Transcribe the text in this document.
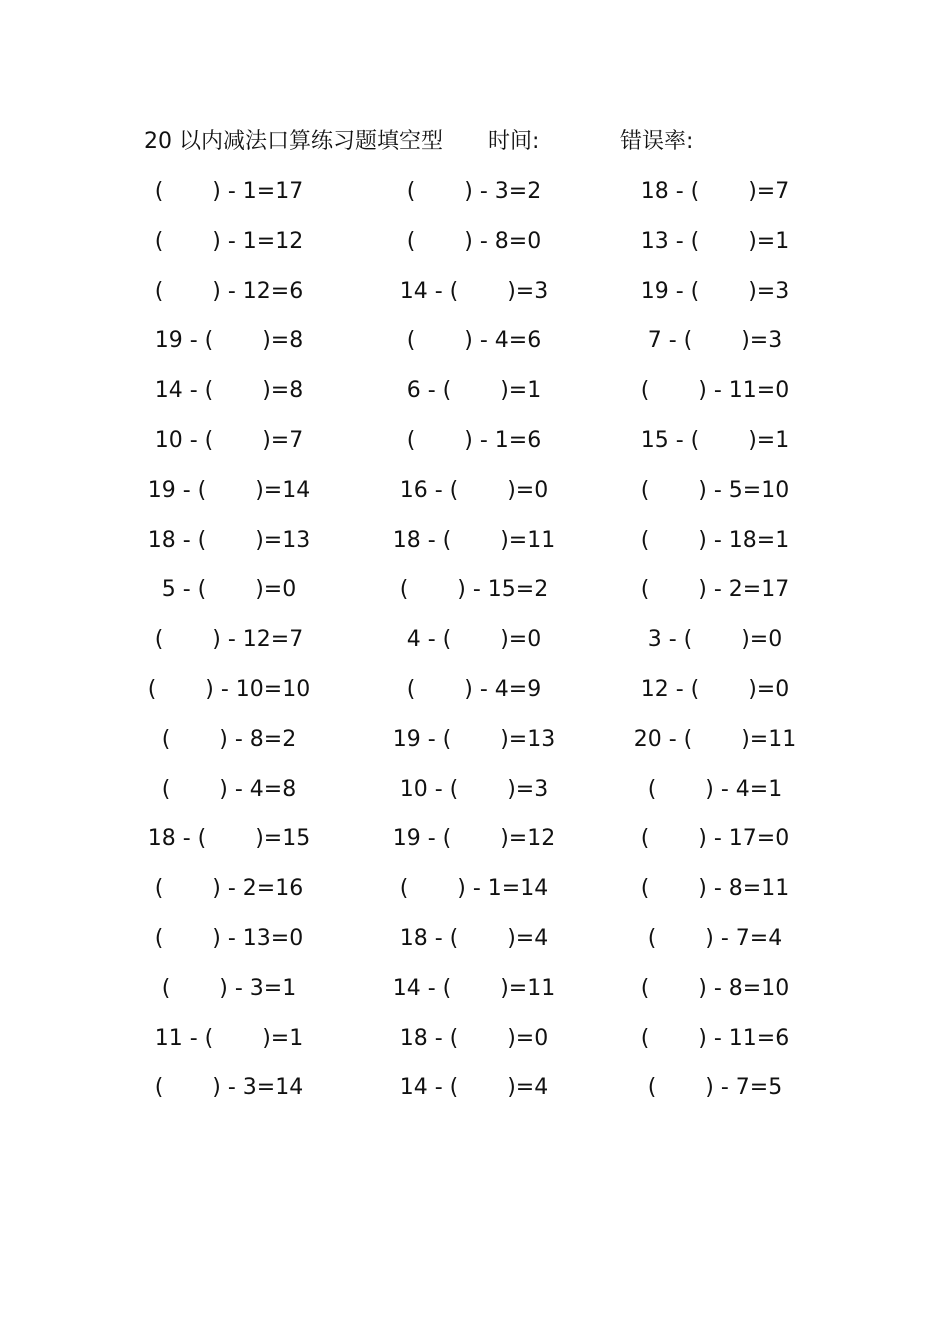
20 以内减法口算练习题填空型 时间:	错误率:
(       ) - 1=17	(       ) - 3=2	18 - (       )=7
(       ) - 1=12	(       ) - 8=0	13 - (       )=1
(       ) - 12=6	14 - (       )=3	19 - (       )=3
19 - (       )=8	(       ) - 4=6	7 - (       )=3
14 - (       )=8	6 - (       )=1	(       ) - 11=0
10 - (       )=7	(       ) - 1=6	15 - (       )=1
19 - (       )=14	16 - (       )=0	(       ) - 5=10
18 - (       )=13	18 - (       )=11	(       ) - 18=1
5 - (       )=0	(       ) - 15=2	(       ) - 2=17
(       ) - 12=7	4 - (       )=0	3 - (       )=0
(       ) - 10=10	(       ) - 4=9	12 - (       )=0
(       ) - 8=2	19 - (       )=13	20 - (       )=11
(       ) - 4=8	10 - (       )=3	(       ) - 4=1
18 - (       )=15	19 - (       )=12	(       ) - 17=0
(       ) - 2=16	(       ) - 1=14	(       ) - 8=11
(       ) - 13=0	18 - (       )=4	(       ) - 7=4
(       ) - 3=1	14 - (       )=11	(       ) - 8=10
11 - (       )=1	18 - (       )=0	(       ) - 11=6
(       ) - 3=14	14 - (       )=4	(       ) - 7=5
